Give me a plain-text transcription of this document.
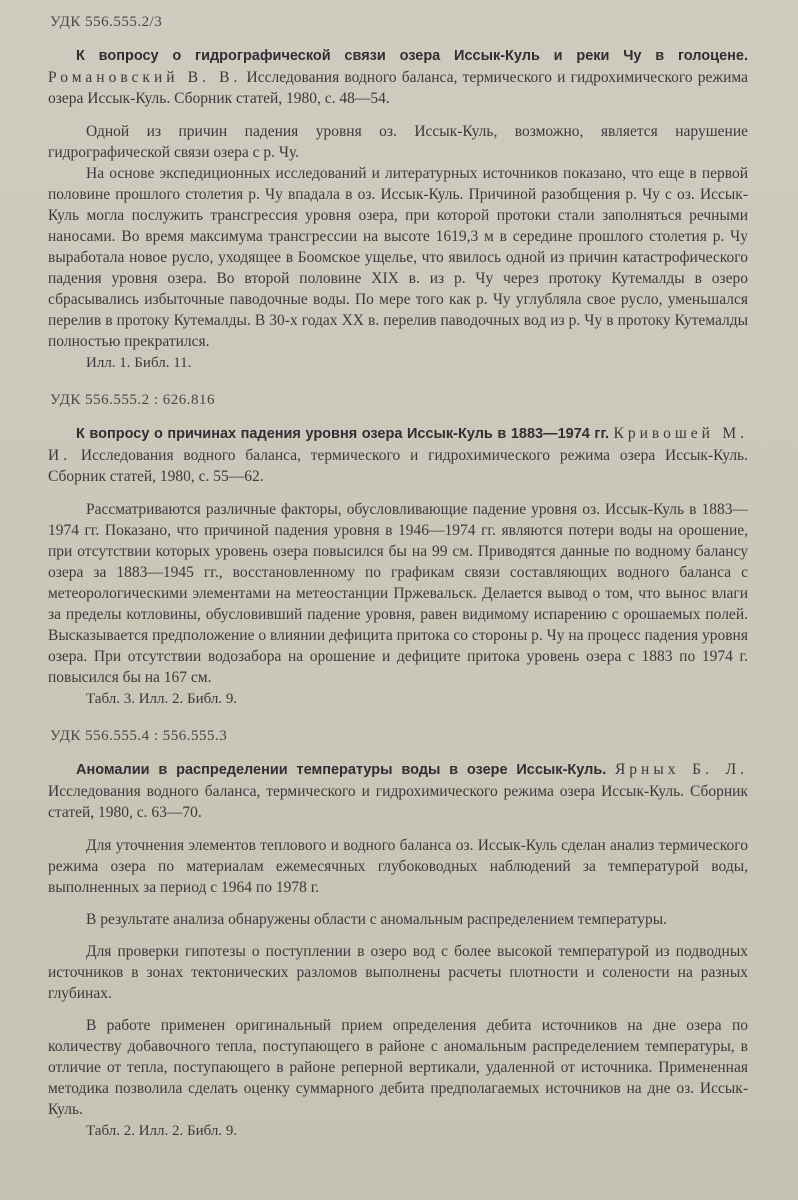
УДК 556.555.2/3

К вопросу о гидрографической связи озера Иссык-Куль и реки Чу в голоцене. Романовский В. В. Исследования водного баланса, термического и гидрохимического режима озера Иссык-Куль. Сборник статей, 1980, с. 48—54.

Одной из причин падения уровня оз. Иссык-Куль, возможно, является нарушение гидрографической связи озера с р. Чу.

На основе экспедиционных исследований и литературных источников показано, что еще в первой половине прошлого столетия р. Чу впадала в оз. Иссык-Куль. Причиной разобщения р. Чу с оз. Иссык-Куль могла послужить трансгрессия уровня озера, при которой протоки стали заполняться речными наносами. Во время максимума трансгрессии на высоте 1619,3 м в середине прошлого столетия р. Чу выработала новое русло, уходящее в Боомское ущелье, что явилось одной из причин катастрофического падения уровня озера. Во второй половине XIX в. из р. Чу через протоку Кутемалды в озеро сбрасывались избыточные паводочные воды. По мере того как р. Чу углубляла свое русло, уменьшался перелив в протоку Кутемалды. В 30-х годах XX в. перелив паводочных вод из р. Чу в протоку Кутемалды полностью прекратился.

Илл. 1. Библ. 11.
УДК 556.555.2 : 626.816

К вопросу о причинах падения уровня озера Иссык-Куль в 1883—1974 гг. Кривошей М. И. Исследования водного баланса, термического и гидрохимического режима озера Иссык-Куль. Сборник статей, 1980, с. 55—62.

Рассматриваются различные факторы, обусловливающие падение уровня оз. Иссык-Куль в 1883—1974 гг. Показано, что причиной падения уровня в 1946—1974 гг. являются потери воды на орошение, при отсутствии которых уровень озера повысился бы на 99 см. Приводятся данные по водному балансу озера за 1883—1945 гг., восстановленному по графикам связи составляющих водного баланса с метеорологическими элементами на метеостанции Пржевальск. Делается вывод о том, что вынос влаги за пределы котловины, обусловивший падение уровня, равен видимому испарению с орошаемых полей. Высказывается предположение о влиянии дефицита притока со стороны р. Чу на процесс падения уровня озера. При отсутствии водозабора на орошение и дефиците притока уровень озера с 1883 по 1974 г. повысился бы на 167 см.

Табл. 3. Илл. 2. Библ. 9.
УДК 556.555.4 : 556.555.3

Аномалии в распределении температуры воды в озере Иссык-Куль. Ярных Б. Л. Исследования водного баланса, термического и гидрохимического режима озера Иссык-Куль. Сборник статей, 1980, с. 63—70.

Для уточнения элементов теплового и водного баланса оз. Иссык-Куль сделан анализ термического режима озера по материалам ежемесячных глубоководных наблюдений за температурой воды, выполненных за период с 1964 по 1978 г.

В результате анализа обнаружены области с аномальным распределением температуры.

Для проверки гипотезы о поступлении в озеро вод с более высокой температурой из подводных источников в зонах тектонических разломов выполнены расчеты плотности и солености на разных глубинах.

В работе применен оригинальный прием определения дебита источников на дне озера по количеству добавочного тепла, поступающего в районе с аномальным распределением температуры, в отличие от тепла, поступающего в районе реперной вертикали, удаленной от источника. Примененная методика позволила сделать оценку суммарного дебита предполагаемых источников на дне оз. Иссык-Куль.

Табл. 2. Илл. 2. Библ. 9.
